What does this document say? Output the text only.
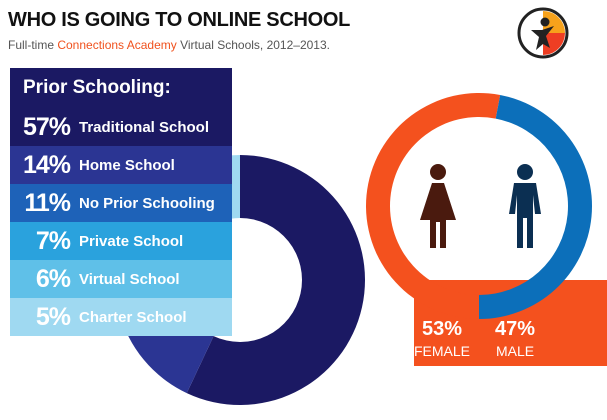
WHO IS GOING TO ONLINE SCHOOL
Full-time Connections Academy Virtual Schools, 2012–2013.
Prior Schooling:
57% Traditional School
14% Home School
11% No Prior Schooling
7% Private School
6% Virtual School
5% Charter School
53%
FEMALE
47%
MALE
